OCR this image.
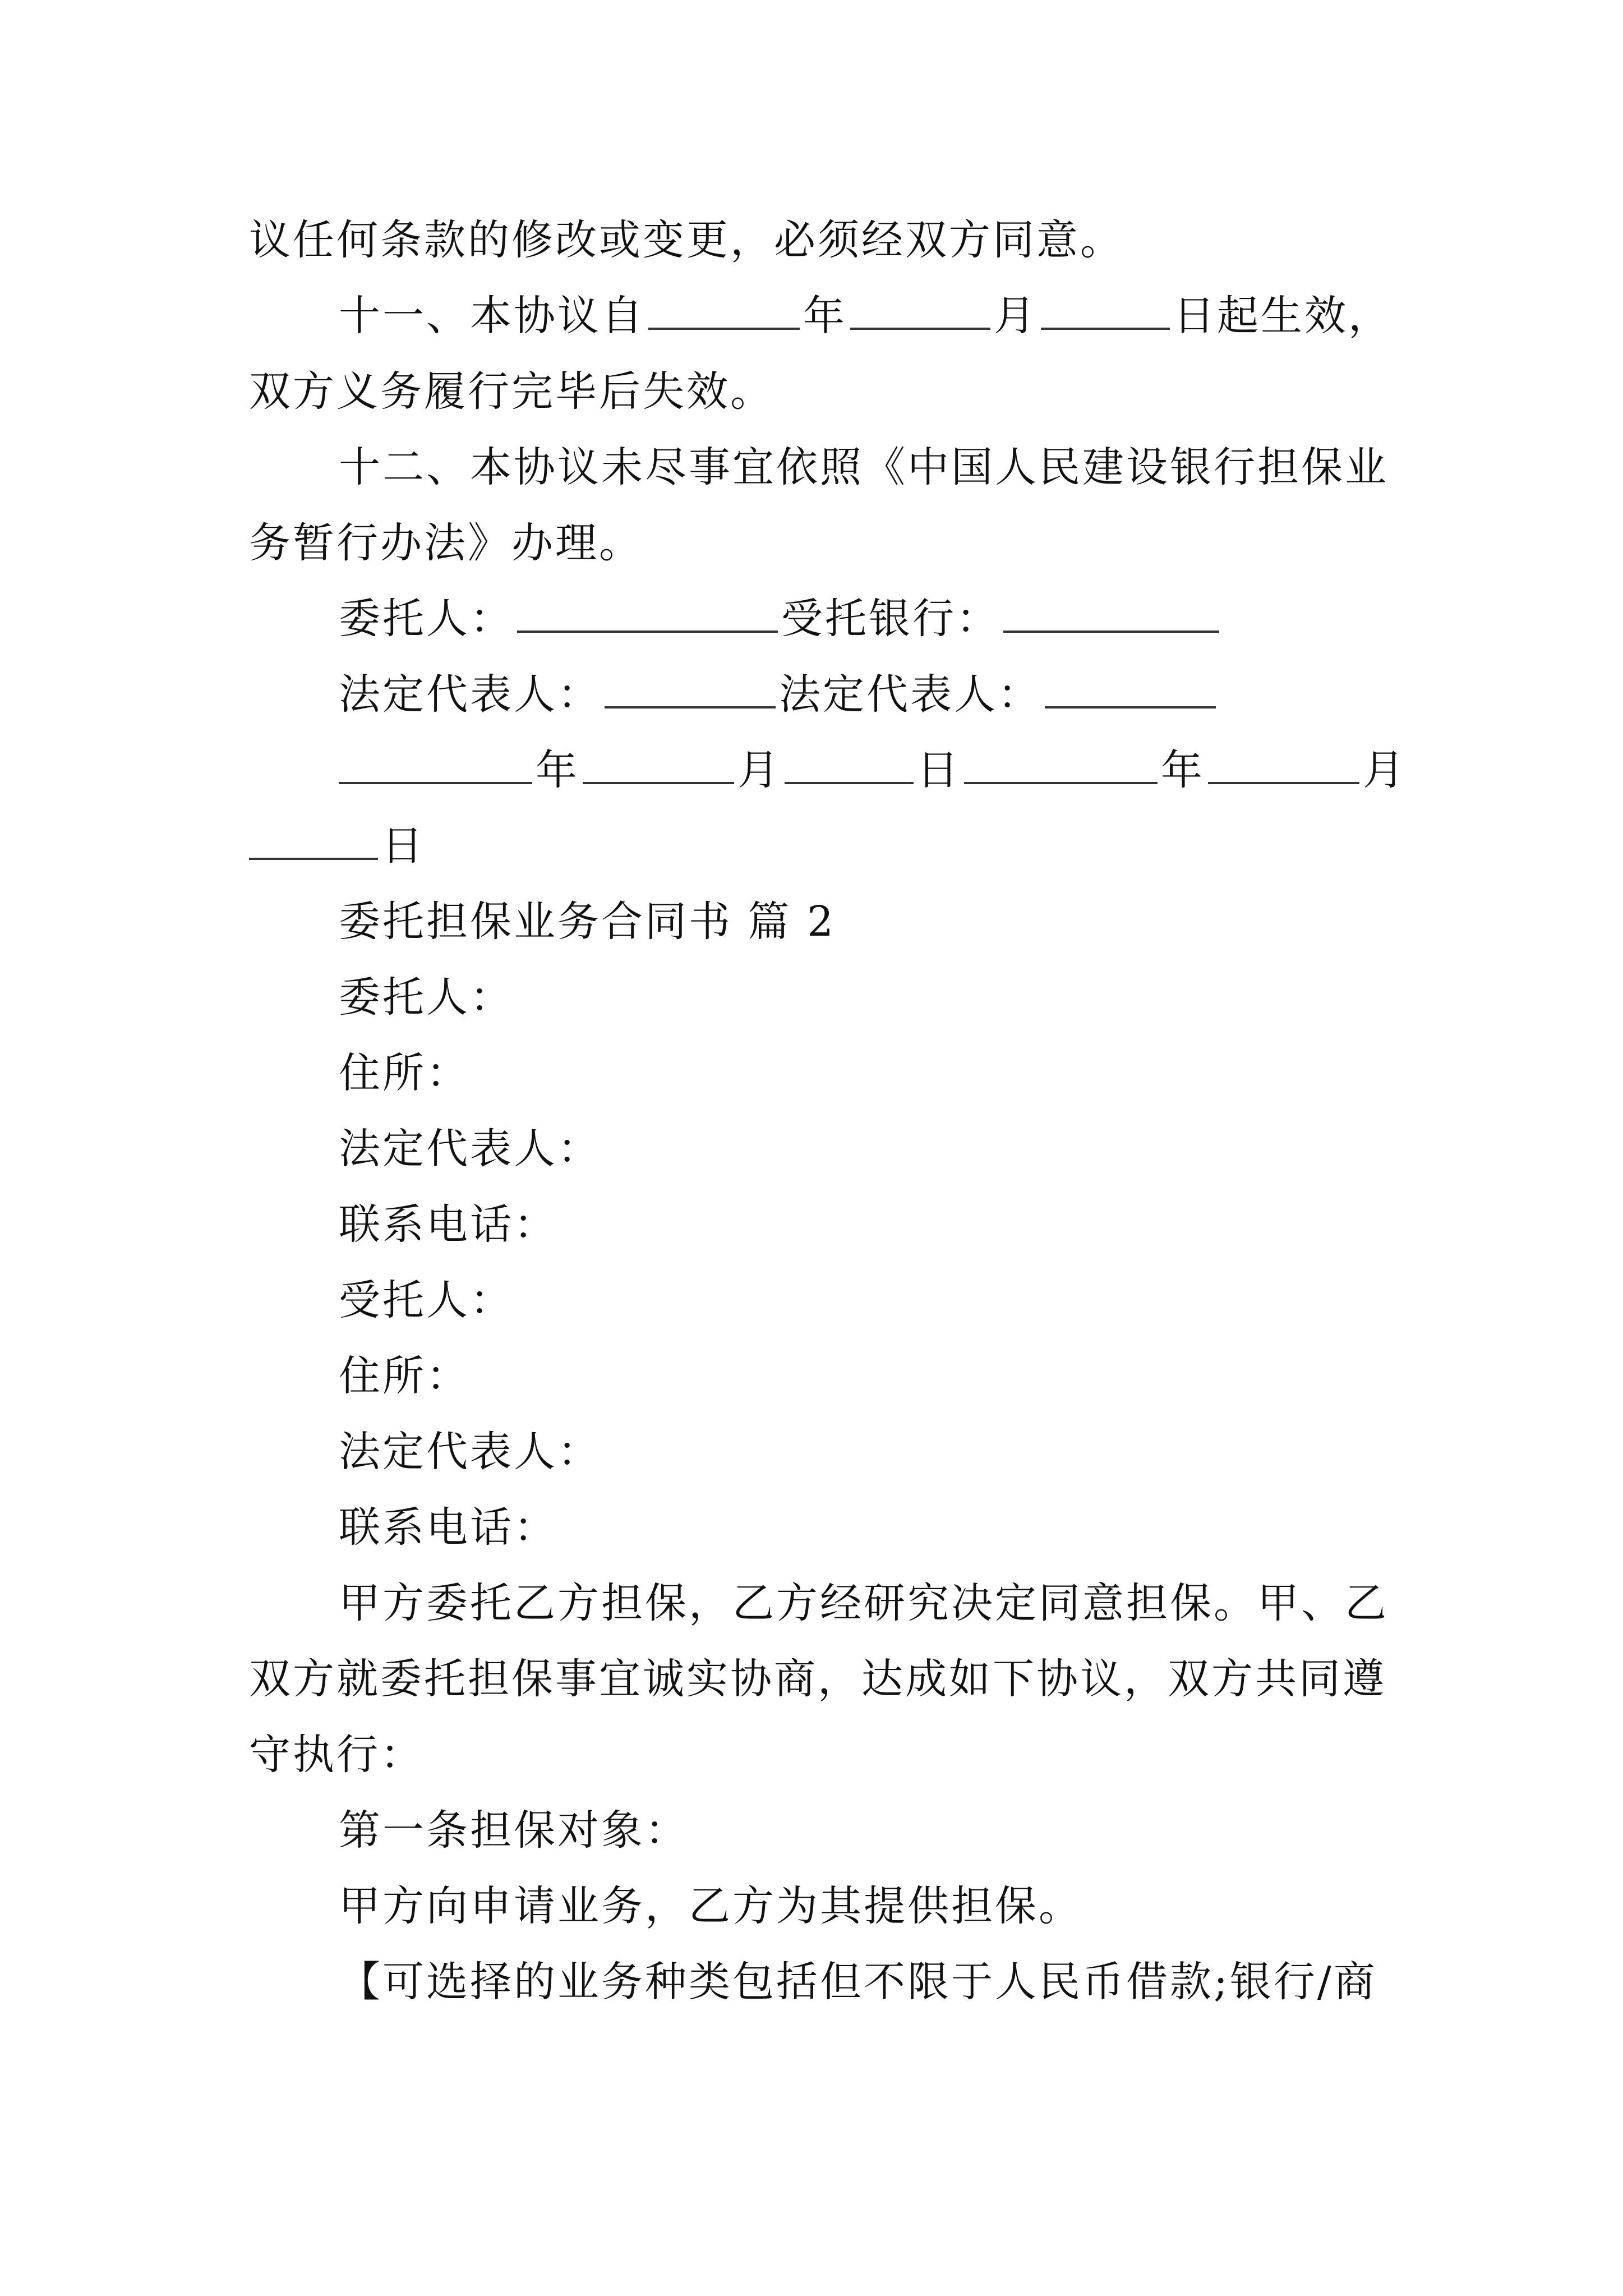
议任何条款的修改或变更，必须经双方同意。
十一、本协议自	年	月	日起生效，
双方义务履行完毕后失效。
十二、本协议未尽事宜依照《中国人民建设银行担保业
务暂行办法》办理。
委托人：	受托银行：
法定代表人：	法定代表人：
年	月	日	年	月
日
委托担保业务合同书 篇 2
委托人：
住所：
法定代表人：
联系电话：
受托人：
住所：
法定代表人：
联系电话：
甲方委托乙方担保，乙方经研究决定同意担保。甲、乙
双方就委托担保事宜诚实协商，达成如下协议，双方共同遵
守执行：
第一条担保对象：
甲方向申请业务，乙方为其提供担保。
【可选择的业务种类包括但不限于人民币借款;银行/商
